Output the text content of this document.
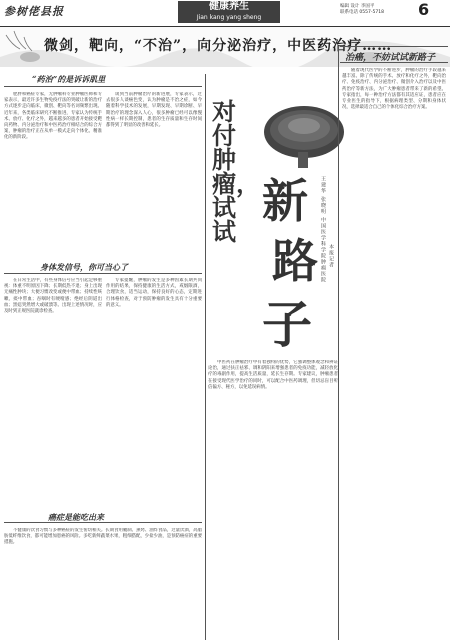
参树佬县报	健康养生
Jian kang yang sheng
编辑 设计 李国平
联系电话 0557-5718 6
微剑，靶向，“不治”，向分泌治疗，中医药治疗……
“药治”的是诉诉肌里

肥胖和癌症专家，无肿瘤科专业肿瘤医师和专家表示，最近许多生物免疫疗法的突破让新的治疗方式逐步走向临床，微创、靶向等名词频繁出现。近年来，各类临床研究不断推进，专家认为传统手术、放疗、化疗之外，越来越多的患者开始接受靶向药物、内分泌治疗和中医药治疗相结合的综合方案，肿瘤的治疗正在从单一模式走向个体化、精准化的新阶段。

谈到当前肿瘤治疗的新进展，专家表示，过去很多人谈癌色变，认为肿瘤是不治之症，如今随着科学技术的发展，早期发现、早期诊断、早期治疗的理念深入人心，很多肿瘤已经可以像慢性病一样长期控制，患者的生存质量和生存时间都得到了明显的改善和延长。

身体发信号，你可当心了

在日常生活中，有些身体信号应当引起足够重视：体重不明原因下降；长期低热不退；身上出现无痛性肿块；大便习惯改变或便中带血；持续性咳嗽、痰中带血；吞咽时有哽噎感；绝经后阴道出血；黑痣突然增大或破溃等。出现上述情况时，应及时到正规医院就诊检查。

专家提醒，肿瘤的发生是多种因素长期共同作用的结果，保持健康的生活方式，戒烟限酒，合理饮食，适当运动，保持良好的心态，定期进行体格检查，对于预防肿瘤的发生具有十分重要的意义。

癌症是能吃出来

不健康的饮食习惯与多种癌症的发生密切相关。长期食用腌制、熏烤、油炸食品，过量饮酒，高脂肪低纤维饮食，都可能增加患癌的风险。多吃新鲜蔬菜水果，粗细搭配，少盐少油，是预防癌症的重要措施。

对付肿瘤，试试
新
路
子
王建华 张晓明 中国医学科学院肿瘤医院 本报记者

中医药在肿瘤治疗中有着独特的优势，它强调整体观念和辨证论治，通过扶正祛邪、调和阴阳来增强患者的免疫功能，减轻放化疗的毒副作用，提高生活质量，延长生存期。专家建议，肿瘤患者在接受现代医学治疗的同时，可以配合中医药调理，但切忌盲目听信偏方、秘方，以免延误病情。

治癌，不妨试试新路子

随着现代医学的不断进步，肿瘤的治疗手段越来越丰富。除了传统的手术、放疗和化疗之外，靶向治疗、免疫治疗、内分泌治疗、微创介入治疗以及中医药治疗等新方法，为广大肿瘤患者带来了新的希望。专家指出，每一种治疗方法都有其适应证，患者应在专业医生的指导下，根据病理类型、分期和身体状况，选择最适合自己的个体化综合治疗方案。
